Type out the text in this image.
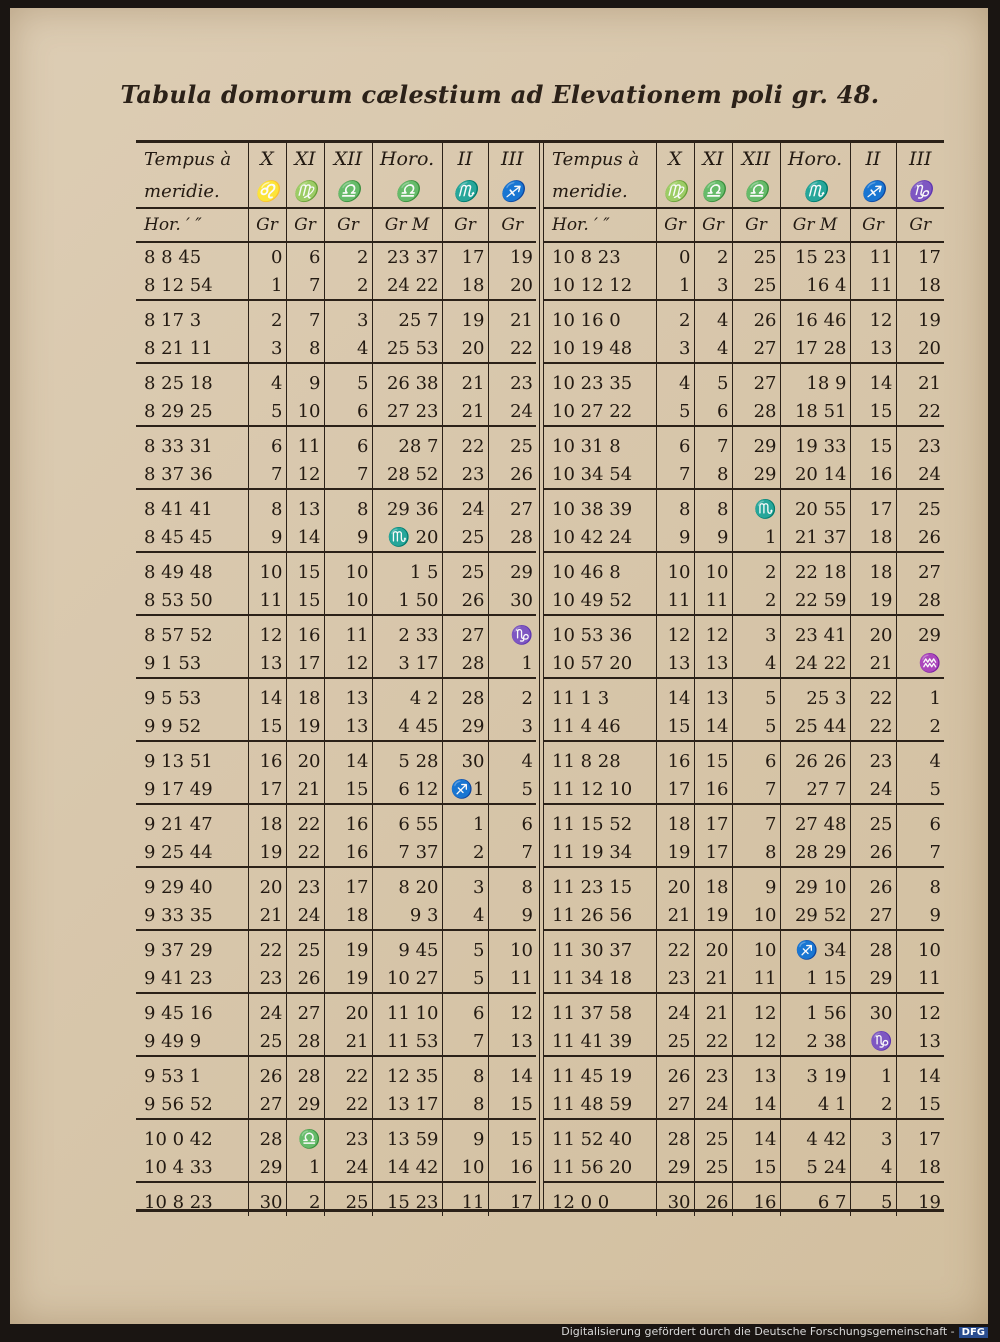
Tabula domorum cælestium ad Elevationem poli gr. 48.
Tempus à	X	XI	XII	Horo.	II	III
meridie.	♌	♍	♎	♎	♏	♐
Hor. ′ ″	Gr	Gr	Gr	Gr M	Gr	Gr
8 8 45	0	6	2	23 37	17	19
8 12 54	1	7	2	24 22	18	20
8 17 3	2	7	3	25 7	19	21
8 21 11	3	8	4	25 53	20	22
8 25 18	4	9	5	26 38	21	23
8 29 25	5	10	6	27 23	21	24
8 33 31	6	11	6	28 7	22	25
8 37 36	7	12	7	28 52	23	26
8 41 41	8	13	8	29 36	24	27
8 45 45	9	14	9	♏ 20	25	28
8 49 48	10	15	10	1 5	25	29
8 53 50	11	15	10	1 50	26	30
8 57 52	12	16	11	2 33	27	♑
9 1 53	13	17	12	3 17	28	1
9 5 53	14	18	13	4 2	28	2
9 9 52	15	19	13	4 45	29	3
9 13 51	16	20	14	5 28	30	4
9 17 49	17	21	15	6 12	♐1	5
9 21 47	18	22	16	6 55	1	6
9 25 44	19	22	16	7 37	2	7
9 29 40	20	23	17	8 20	3	8
9 33 35	21	24	18	9 3	4	9
9 37 29	22	25	19	9 45	5	10
9 41 23	23	26	19	10 27	5	11
9 45 16	24	27	20	11 10	6	12
9 49 9	25	28	21	11 53	7	13
9 53 1	26	28	22	12 35	8	14
9 56 52	27	29	22	13 17	8	15
10 0 42	28	♎	23	13 59	9	15
10 4 33	29	1	24	14 42	10	16
10 8 23	30	2	25	15 23	11	17
Tempus à	X	XI	XII	Horo.	II	III
meridie.	♍	♎	♎	♏	♐	♑
Hor. ′ ″	Gr	Gr	Gr	Gr M	Gr	Gr
10 8 23	0	2	25	15 23	11	17
10 12 12	1	3	25	16 4	11	18
10 16 0	2	4	26	16 46	12	19
10 19 48	3	4	27	17 28	13	20
10 23 35	4	5	27	18 9	14	21
10 27 22	5	6	28	18 51	15	22
10 31 8	6	7	29	19 33	15	23
10 34 54	7	8	29	20 14	16	24
10 38 39	8	8	♏	20 55	17	25
10 42 24	9	9	1	21 37	18	26
10 46 8	10	10	2	22 18	18	27
10 49 52	11	11	2	22 59	19	28
10 53 36	12	12	3	23 41	20	29
10 57 20	13	13	4	24 22	21	♒
11 1 3	14	13	5	25 3	22	1
11 4 46	15	14	5	25 44	22	2
11 8 28	16	15	6	26 26	23	4
11 12 10	17	16	7	27 7	24	5
11 15 52	18	17	7	27 48	25	6
11 19 34	19	17	8	28 29	26	7
11 23 15	20	18	9	29 10	26	8
11 26 56	21	19	10	29 52	27	9
11 30 37	22	20	10	♐ 34	28	10
11 34 18	23	21	11	1 15	29	11
11 37 58	24	21	12	1 56	30	12
11 41 39	25	22	12	2 38	♑	13
11 45 19	26	23	13	3 19	1	14
11 48 59	27	24	14	4 1	2	15
11 52 40	28	25	14	4 42	3	17
11 56 20	29	25	15	5 24	4	18
12 0 0	30	26	16	6 7	5	19
Digitalisierung gefördert durch die Deutsche Forschungsgemeinschaft - DFG
